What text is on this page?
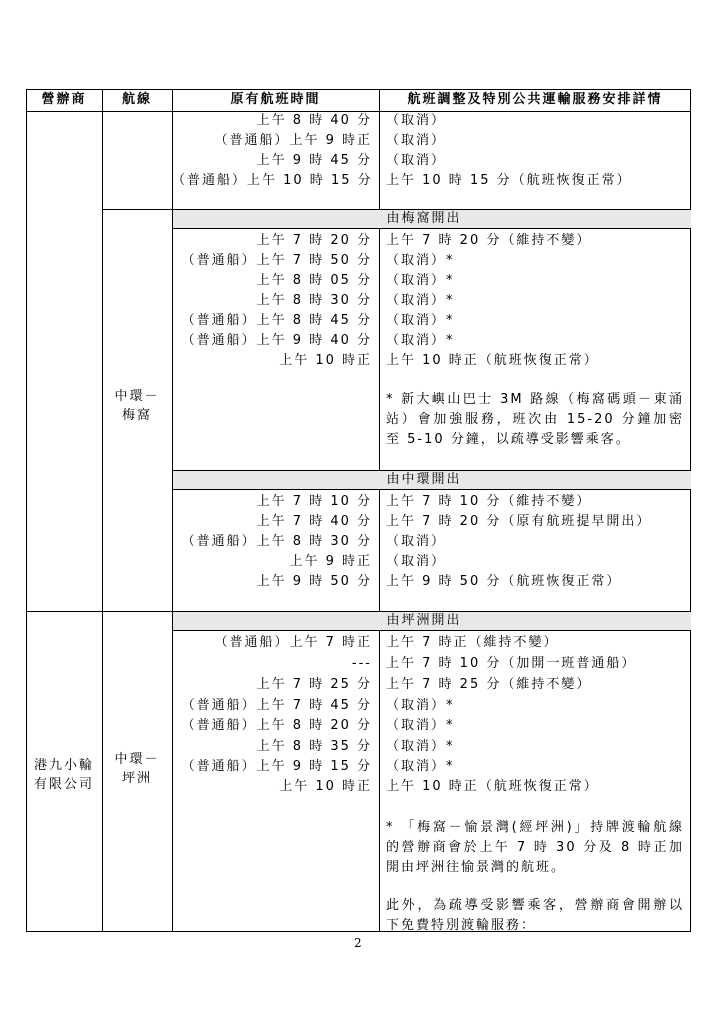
營辦商	航線	原有航班時間	航班調整及特別公共運輸服務安排詳情
上午 8 時 40 分 （取消）
（普通船）上午 9 時正 （取消）
上午 9 時 45 分 （取消）
（普通船）上午 10 時 15 分 上午 10 時 15 分（航班恢復正常）
中環－
梅窩
由梅窩開出
上午 7 時 20 分 上午 7 時 20 分（維持不變）
（普通船）上午 7 時 50 分 （取消）*
上午 8 時 05 分 （取消）*
上午 8 時 30 分 （取消）*
（普通船）上午 8 時 45 分 （取消）*
（普通船）上午 9 時 40 分 （取消）*
上午 10 時正 上午 10 時正（航班恢復正常）
* 新大嶼山巴士 3M 路線（梅窩碼頭－東涌站）會加強服務，班次由 15-20 分鐘加密至 5-10 分鐘，以疏導受影響乘客。
由中環開出
上午 7 時 10 分 上午 7 時 10 分（維持不變）
上午 7 時 40 分 上午 7 時 20 分（原有航班提早開出）
（普通船）上午 8 時 30 分 （取消）
上午 9 時正 （取消）
上午 9 時 50 分 上午 9 時 50 分（航班恢復正常）
港九小輪
有限公司
中環－
坪洲
由坪洲開出
（普通船）上午 7 時正 上午 7 時正（維持不變）
--- 上午 7 時 10 分（加開一班普通船）
上午 7 時 25 分 上午 7 時 25 分（維持不變）
（普通船）上午 7 時 45 分 （取消）*
（普通船）上午 8 時 20 分 （取消）*
上午 8 時 35 分 （取消）*
（普通船）上午 9 時 15 分 （取消）*
上午 10 時正 上午 10 時正（航班恢復正常）
* 「梅窩－愉景灣(經坪洲)」持牌渡輪航線的營辦商會於上午 7 時 30 分及 8 時正加開由坪洲往愉景灣的航班。
此外，為疏導受影響乘客，營辦商會開辦以下免費特別渡輪服務：
2
